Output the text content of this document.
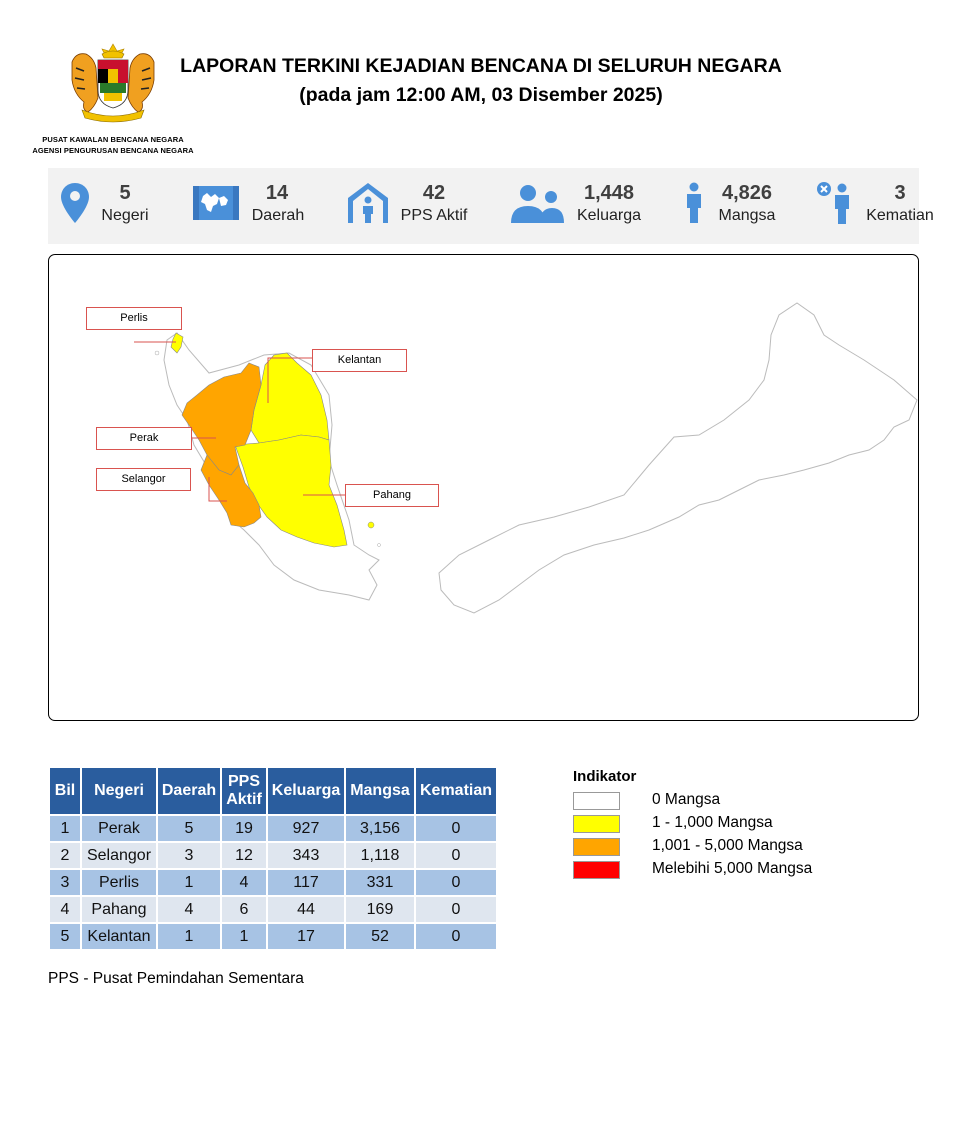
PUSAT KAWALAN BENCANA NEGARA
AGENSI PENGURUSAN BENCANA NEGARA
LAPORAN TERKINI KEJADIAN BENCANA DI SELURUH NEGARA
(pada jam 12:00 AM, 03 Disember 2025)
5
Negeri
14
Daerah
42
PPS Aktif
1,448
Keluarga
4,826
Mangsa
3
Kematian
Perlis
Kelantan
Perak
Selangor
Pahang
Bil	Negeri	Daerah	PPS
Aktif	Keluarga	Mangsa	Kematian
1	Perak	5	19	927	3,156	0
2	Selangor	3	12	343	1,118	0
3	Perlis	1	4	117	331	0
4	Pahang	4	6	44	169	0
5	Kelantan	1	1	17	52	0
PPS - Pusat Pemindahan Sementara
Indikator
0 Mangsa
1 - 1,000 Mangsa
1,001 - 5,000 Mangsa
Melebihi 5,000 Mangsa
